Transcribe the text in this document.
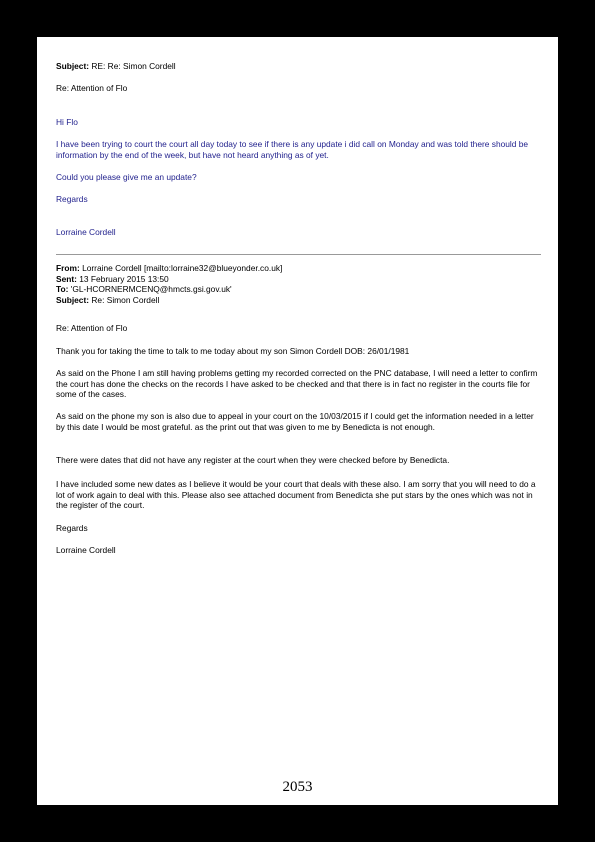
Subject: RE: Re: Simon Cordell

Re: Attention of Flo

Hi Flo

I have been trying to court the court all day today to see if there is any update i did call on Monday and was told there should be information by the end of the week, but have not heard anything as of yet.

Could you please give me an update?

Regards

Lorraine Cordell

From: Lorraine Cordell [mailto:lorraine32@blueyonder.co.uk]

Sent: 13 February 2015 13:50

To: 'GL-HCORNERMCENQ@hmcts.gsi.gov.uk'

Subject: Re: Simon Cordell

Re: Attention of Flo

Thank you for taking the time to talk to me today about my son Simon Cordell DOB: 26/01/1981

As said on the Phone I am still having problems getting my recorded corrected on the PNC database, I will need a letter to confirm the court has done the checks on the records I have asked to be checked and that there is in fact no register in the courts file for some of the cases.

As said on the phone my son is also due to appeal in your court on the 10/03/2015 if I could get the information needed in a letter by this date I would be most grateful. as the print out that was given to me by Benedicta is not enough.

There were dates that did not have any register at the court when they were checked before by Benedicta.

I have included some new dates as I believe it would be your court that deals with these also. I am sorry that you will need to do a lot of work again to deal with this. Please also see attached document from Benedicta she put stars by the ones which was not in the register of the court.

Regards

Lorraine Cordell

2053
